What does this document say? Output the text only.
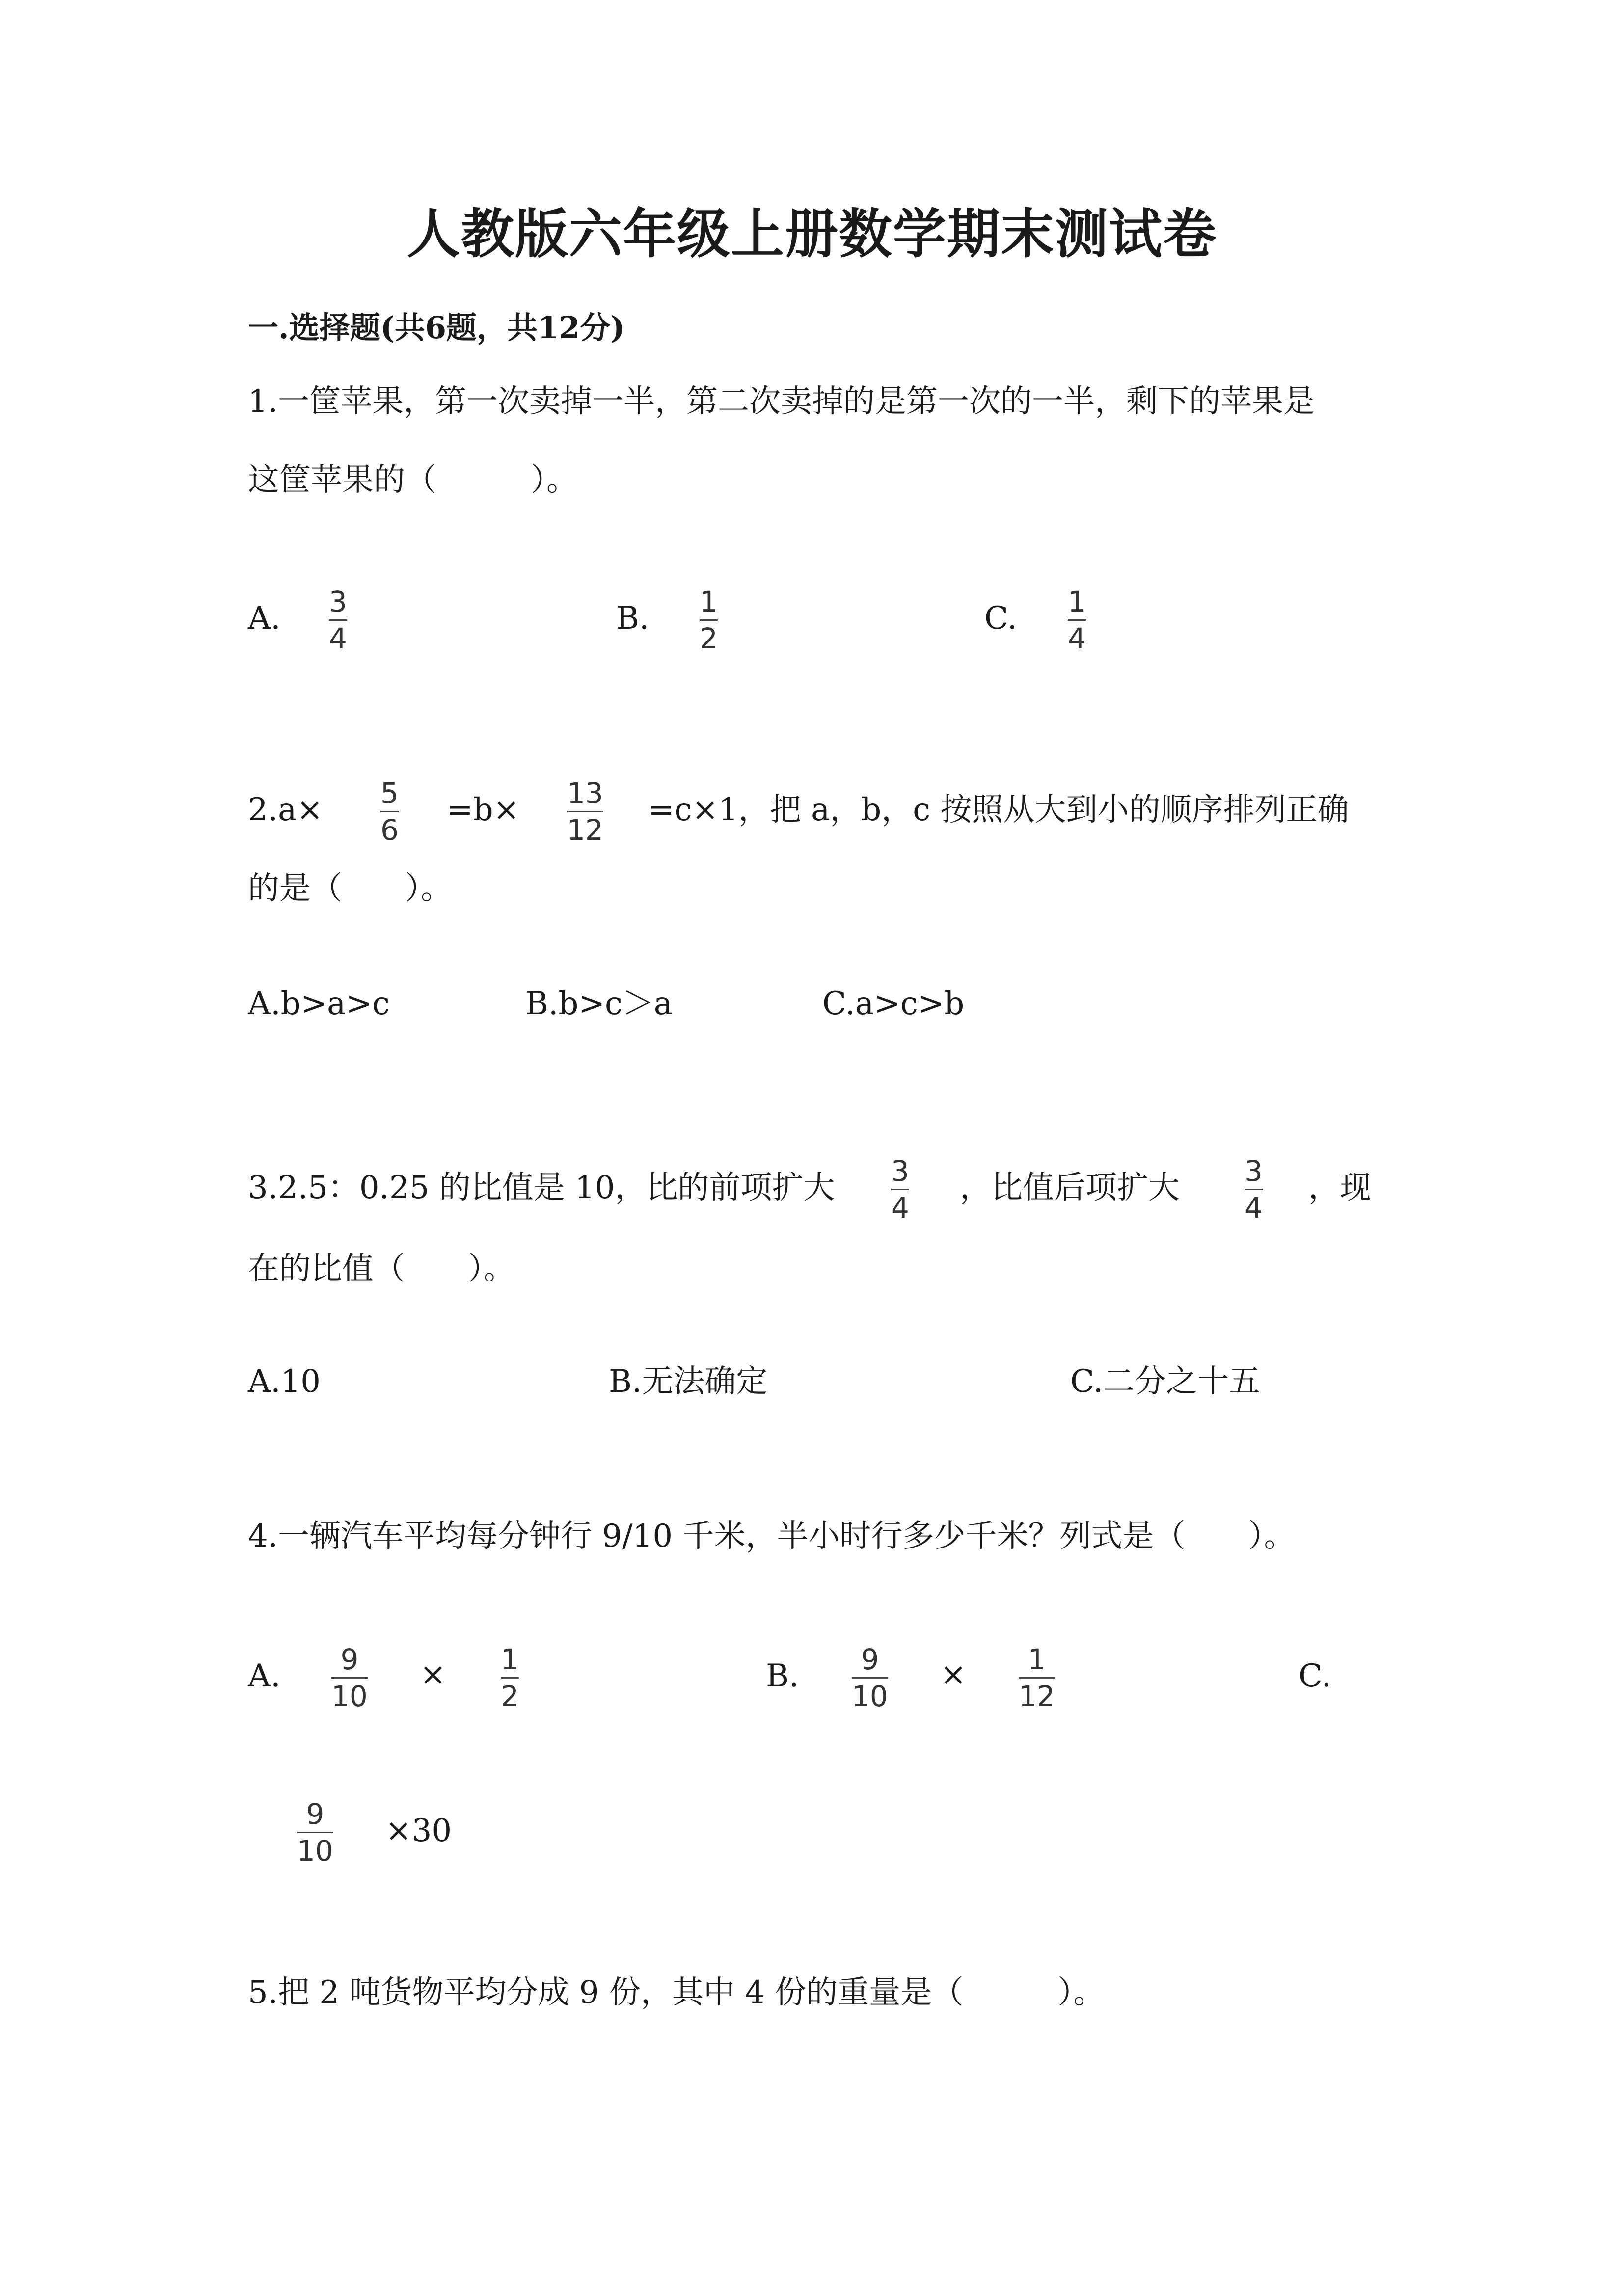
人教版六年级上册数学期末测试卷
一.选择题(共6题，共12分)
1.一筐苹果，第一次卖掉一半，第二次卖掉的是第一次的一半，剩下的苹果是
这筐苹果的（　　　）。
A. 3
4
B. 1
2
C. 1
4
2.a× 5
6
=b× 13
12
=c×1，把 a，b，c 按照从大到小的顺序排列正确
的是（　　）。
A.b>a>c	B.b>c＞a	C.a>c>b
3.2.5：0.25 的比值是 10，比的前项扩大 3
4
，比值后项扩大 3
4
，现
在的比值（　　）。
A.10	B.无法确定	C.二分之十五
4.一辆汽车平均每分钟行 9/10 千米，半小时行多少千米？列式是（　　）。
A. 9
10
× 1
2
B. 9
10
× 1
12
C.
9
10
×30
5.把 2 吨货物平均分成 9 份，其中 4 份的重量是（　　　）。
